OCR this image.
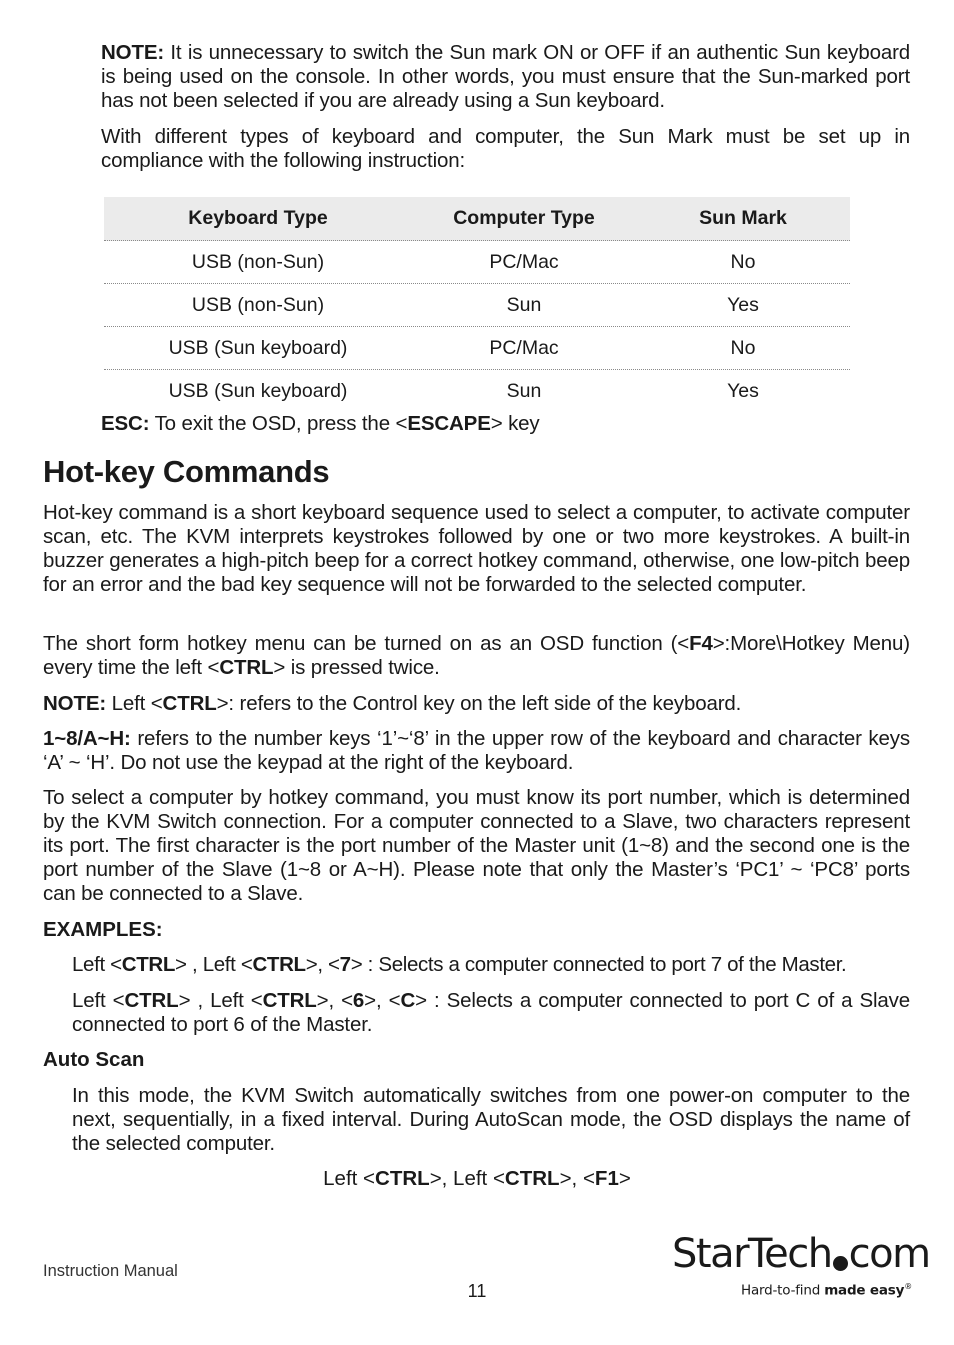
NOTE: It is unnecessary to switch the Sun mark ON or OFF if an authentic Sun keyboard is being used on the console. In other words, you must ensure that the Sun-marked port has not been selected if you are already using a Sun keyboard.

With different types of keyboard and computer, the Sun Mark must be set up in compliance with the following instruction:

Keyboard Type	Computer Type	Sun Mark
USB (non-Sun)	PC/Mac	No
USB (non-Sun)	Sun	Yes
USB (Sun keyboard)	PC/Mac	No
USB (Sun keyboard)	Sun	Yes

ESC: To exit the OSD, press the <ESCAPE> key

Hot-key Commands

Hot-key command is a short keyboard sequence used to select a computer, to activate computer scan, etc. The KVM interprets keystrokes followed by one or two more keystrokes. A built-in buzzer generates a high-pitch beep for a correct hotkey command, otherwise, one low-pitch beep for an error and the bad key sequence will not be forwarded to the selected computer.

The short form hotkey menu can be turned on as an OSD function (<F4>:More\Hotkey Menu) every time the left <CTRL> is pressed twice.

NOTE: Left <CTRL>: refers to the Control key on the left side of the keyboard.

1~8/A~H: refers to the number keys ‘1’~‘8’ in the upper row of the keyboard and character keys ‘A’ ~ ‘H’. Do not use the keypad at the right of the keyboard.

To select a computer by hotkey command, you must know its port number, which is determined by the KVM Switch connection. For a computer connected to a Slave, two characters represent its port. The first character is the port number of the Master unit (1~8) and the second one is the port number of the Slave (1~8 or A~H). Please note that only the Master’s ‘PC1’ ~ ‘PC8’ ports can be connected to a Slave.

EXAMPLES:

Left <CTRL> , Left <CTRL>, <7> : Selects a computer connected to port 7 of the Master.

Left <CTRL> , Left <CTRL>, <6>, <C> : Selects a computer connected to port C of a Slave connected to port 6 of the Master.

Auto Scan

In this mode, the KVM Switch automatically switches from one power-on computer to the next, sequentially, in a fixed interval. During AutoScan mode, the OSD displays the name of the selected computer.

Left <CTRL>, Left <CTRL>, <F1>
Instruction Manual
11
StarTech com
Hard-to-find made easy®
